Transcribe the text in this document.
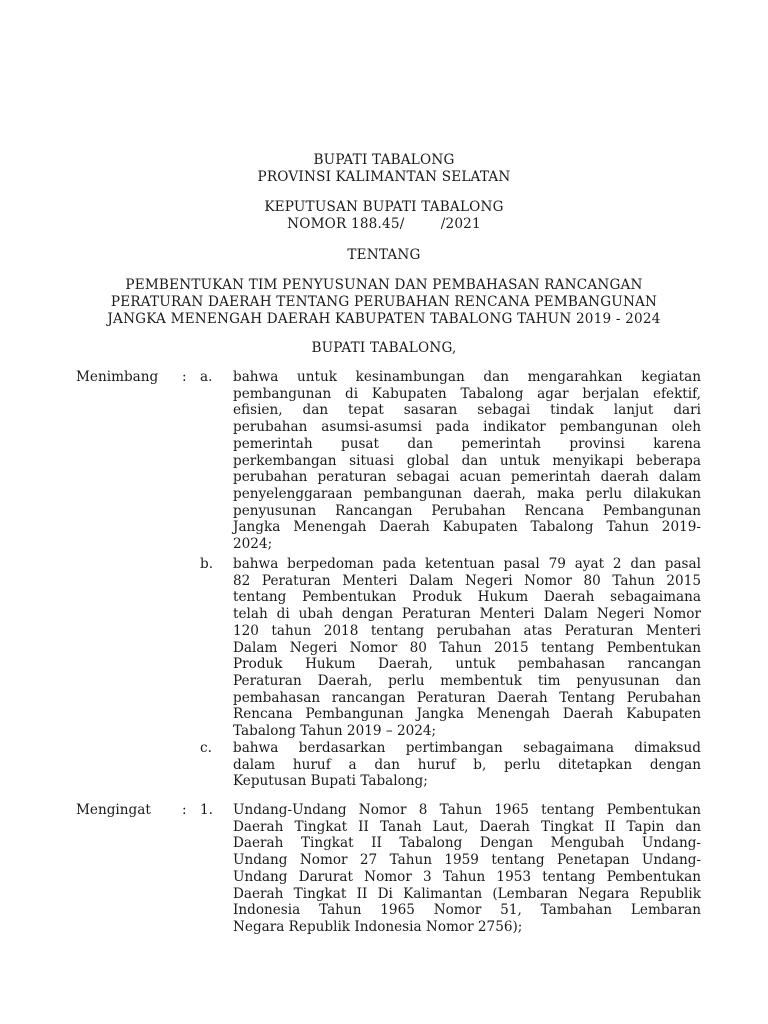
BUPATI TABALONG
PROVINSI KALIMANTAN SELATAN
KEPUTUSAN BUPATI TABALONG
NOMOR 188.45/        /2021
TENTANG
PEMBENTUKAN TIM PENYUSUNAN DAN PEMBAHASAN RANCANGAN
PERATURAN DAERAH TENTANG PERUBAHAN RENCANA PEMBANGUNAN
JANGKA MENENGAH DAERAH KABUPATEN TABALONG TAHUN 2019 - 2024
BUPATI TABALONG,
Menimbang : a. bahwa untuk kesinambungan dan mengarahkan kegiatan
pembangunan di Kabupaten Tabalong agar berjalan efektif,
efisien, dan tepat sasaran sebagai tindak lanjut dari
perubahan asumsi-asumsi pada indikator pembangunan oleh
pemerintah pusat dan pemerintah provinsi karena
perkembangan situasi global dan untuk menyikapi beberapa
perubahan peraturan sebagai acuan pemerintah daerah dalam
penyelenggaraan pembangunan daerah, maka perlu dilakukan
penyusunan Rancangan Perubahan Rencana Pembangunan
Jangka Menengah Daerah Kabupaten Tabalong Tahun 2019-
2024;
b. bahwa berpedoman pada ketentuan pasal 79 ayat 2 dan pasal
82 Peraturan Menteri Dalam Negeri Nomor 80 Tahun 2015
tentang Pembentukan Produk Hukum Daerah sebagaimana
telah di ubah dengan Peraturan Menteri Dalam Negeri Nomor
120 tahun 2018 tentang perubahan atas Peraturan Menteri
Dalam Negeri Nomor 80 Tahun 2015 tentang Pembentukan
Produk Hukum Daerah, untuk pembahasan rancangan
Peraturan Daerah, perlu membentuk tim penyusunan dan
pembahasan rancangan Peraturan Daerah Tentang Perubahan
Rencana Pembangunan Jangka Menengah Daerah Kabupaten
Tabalong Tahun 2019 – 2024;
c. bahwa berdasarkan pertimbangan sebagaimana dimaksud
dalam huruf a dan huruf b, perlu ditetapkan dengan
Keputusan Bupati Tabalong;
Mengingat : 1. Undang-Undang Nomor 8 Tahun 1965 tentang Pembentukan
Daerah Tingkat II Tanah Laut, Daerah Tingkat II Tapin dan
Daerah Tingkat II Tabalong Dengan Mengubah Undang-
Undang Nomor 27 Tahun 1959 tentang Penetapan Undang-
Undang Darurat Nomor 3 Tahun 1953 tentang Pembentukan
Daerah Tingkat II Di Kalimantan (Lembaran Negara Republik
Indonesia Tahun 1965 Nomor 51, Tambahan Lembaran
Negara Republik Indonesia Nomor 2756);
